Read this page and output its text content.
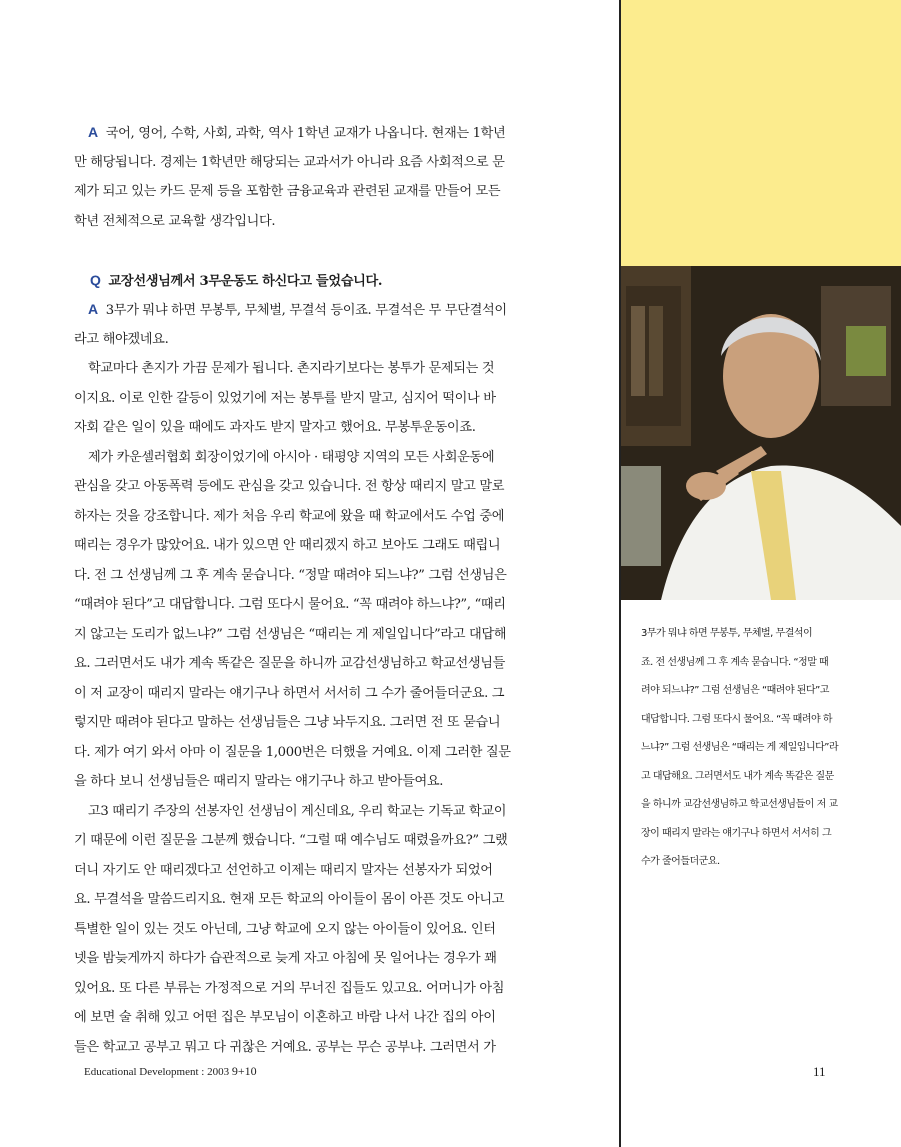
A 국어, 영어, 수학, 사회, 과학, 역사 1학년 교재가 나옵니다. 현재는 1학년
만 해당됩니다. 경제는 1학년만 해당되는 교과서가 아니라 요즘 사회적으로 문
제가 되고 있는 카드 문제 등을 포함한 금융교육과 관련된 교재를 만들어 모든
학년 전체적으로 교육할 생각입니다.
Q 교장선생님께서 3무운동도 하신다고 들었습니다.
A 3무가 뭐냐 하면 무봉투, 무체벌, 무결석 등이죠. 무결석은 무 무단결석이
라고 해야겠네요.
학교마다 촌지가 가끔 문제가 됩니다. 촌지라기보다는 봉투가 문제되는 것
이지요. 이로 인한 갈등이 있었기에 저는 봉투를 받지 말고, 심지어 떡이나 바
자회 같은 일이 있을 때에도 과자도 받지 말자고 했어요. 무봉투운동이죠.
제가 카운셀러협회 회장이었기에 아시아 · 태평양 지역의 모든 사회운동에
관심을 갖고 아동폭력 등에도 관심을 갖고 있습니다. 전 항상 때리지 말고 말로
하자는 것을 강조합니다. 제가 처음 우리 학교에 왔을 때 학교에서도 수업 중에
때리는 경우가 많았어요. 내가 있으면 안 때리겠지 하고 보아도 그래도 때립니
다. 전 그 선생님께 그 후 계속 묻습니다. “정말 때려야 되느냐?” 그럼 선생님은
“때려야 된다”고 대답합니다. 그럼 또다시 물어요. “꼭 때려야 하느냐?”, “때리
지 않고는 도리가 없느냐?” 그럼 선생님은 “때리는 게 제일입니다”라고 대답해
요. 그러면서도 내가 계속 똑같은 질문을 하니까 교감선생님하고 학교선생님들
이 저 교장이 때리지 말라는 얘기구나 하면서 서서히 그 수가 줄어들더군요. 그
렇지만 때려야 된다고 말하는 선생님들은 그냥 놔두지요. 그러면 전 또 묻습니
다. 제가 여기 와서 아마 이 질문을 1,000번은 더했을 거예요. 이제 그러한 질문
을 하다 보니 선생님들은 때리지 말라는 얘기구나 하고 받아들여요.
고3 때리기 주장의 선봉자인 선생님이 계신데요, 우리 학교는 기독교 학교이
기 때문에 이런 질문을 그분께 했습니다. “그럴 때 예수님도 때렸을까요?” 그랬
더니 자기도 안 때리겠다고 선언하고 이제는 때리지 말자는 선봉자가 되었어
요. 무결석을 말씀드리지요. 현재 모든 학교의 아이들이 몸이 아픈 것도 아니고
특별한 일이 있는 것도 아닌데, 그냥 학교에 오지 않는 아이들이 있어요. 인터
넷을 밤늦게까지 하다가 습관적으로 늦게 자고 아침에 못 일어나는 경우가 꽤
있어요. 또 다른 부류는 가정적으로 거의 무너진 집들도 있고요. 어머니가 아침
에 보면 술 취해 있고 어떤 집은 부모님이 이혼하고 바람 나서 나간 집의 아이
들은 학교고 공부고 뭐고 다 귀찮은 거예요. 공부는 무슨 공부냐. 그러면서 가
3무가 뭐냐 하면 무봉투, 무체벌, 무결석이
죠. 전 선생님께 그 후 계속 묻습니다. “정말 때
려야 되느냐?” 그럼 선생님은 “때려야 된다”고
대답합니다. 그럼 또다시 물어요. “꼭 때려야 하
느냐?” 그럼 선생님은 “때리는 게 제일입니다”라
고 대답해요. 그러면서도 내가 계속 똑같은 질문
을 하니까 교감선생님하고 학교선생님들이 저 교
장이 때리지 말라는 얘기구나 하면서 서서히 그
수가 줄어들더군요.
Educational Development : 2003 9+10	11
